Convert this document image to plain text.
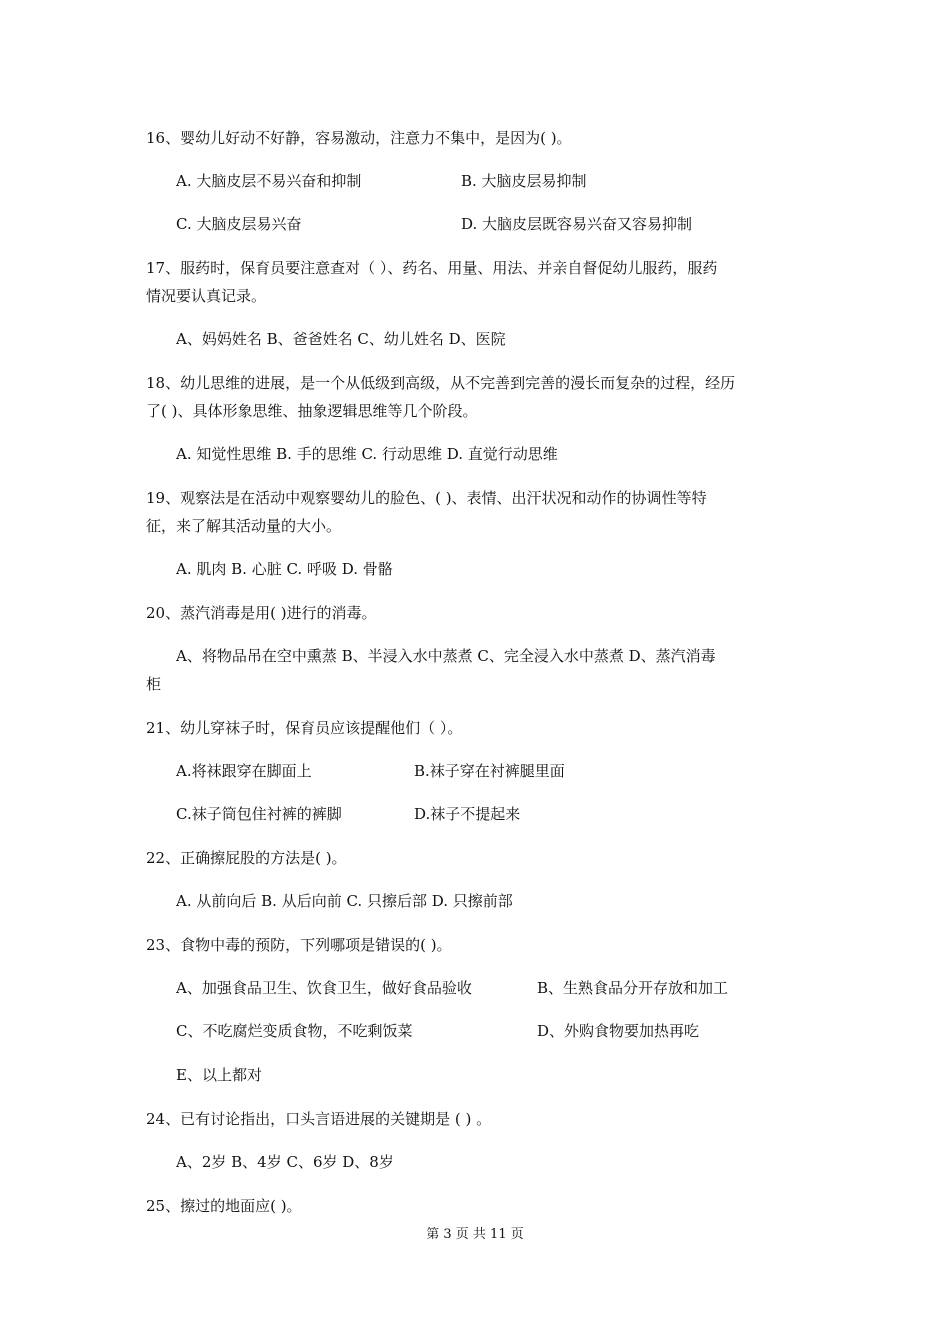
16、婴幼儿好动不好静，容易激动，注意力不集中，是因为( )。
A. 大脑皮层不易兴奋和抑制	B. 大脑皮层易抑制
C. 大脑皮层易兴奋	D. 大脑皮层既容易兴奋又容易抑制
17、服药时，保育员要注意查对（ ）、药名、用量、用法、并亲自督促幼儿服药，服药
情况要认真记录。
A、妈妈姓名 B、爸爸姓名 C、幼儿姓名 D、医院
18、幼儿思维的进展，是一个从低级到高级，从不完善到完善的漫长而复杂的过程，经历
了( )、具体形象思维、抽象逻辑思维等几个阶段。
A. 知觉性思维 B. 手的思维 C. 行动思维 D. 直觉行动思维
19、观察法是在活动中观察婴幼儿的脸色、( )、表情、出汗状况和动作的协调性等特
征，来了解其活动量的大小。
A. 肌肉 B. 心脏 C. 呼吸 D. 骨骼
20、蒸汽消毒是用( )进行的消毒。
A、将物品吊在空中熏蒸 B、半浸入水中蒸煮 C、完全浸入水中蒸煮 D、蒸汽消毒
柜
21、幼儿穿袜子时，保育员应该提醒他们（ ）。
A.将袜跟穿在脚面上	B.袜子穿在衬裤腿里面
C.袜子筒包住衬裤的裤脚	D.袜子不提起来
22、正确擦屁股的方法是( )。
A. 从前向后 B. 从后向前 C. 只擦后部 D. 只擦前部
23、食物中毒的预防，下列哪项是错误的( )。
A、加强食品卫生、饮食卫生，做好食品验收	B、生熟食品分开存放和加工
C、不吃腐烂变质食物，不吃剩饭菜	D、外购食物要加热再吃
E、以上都对
24、已有讨论指出，口头言语进展的关键期是 ( ) 。
A、2岁 B、4岁 C、6岁 D、8岁
25、擦过的地面应( )。
第 3 页 共 11 页
